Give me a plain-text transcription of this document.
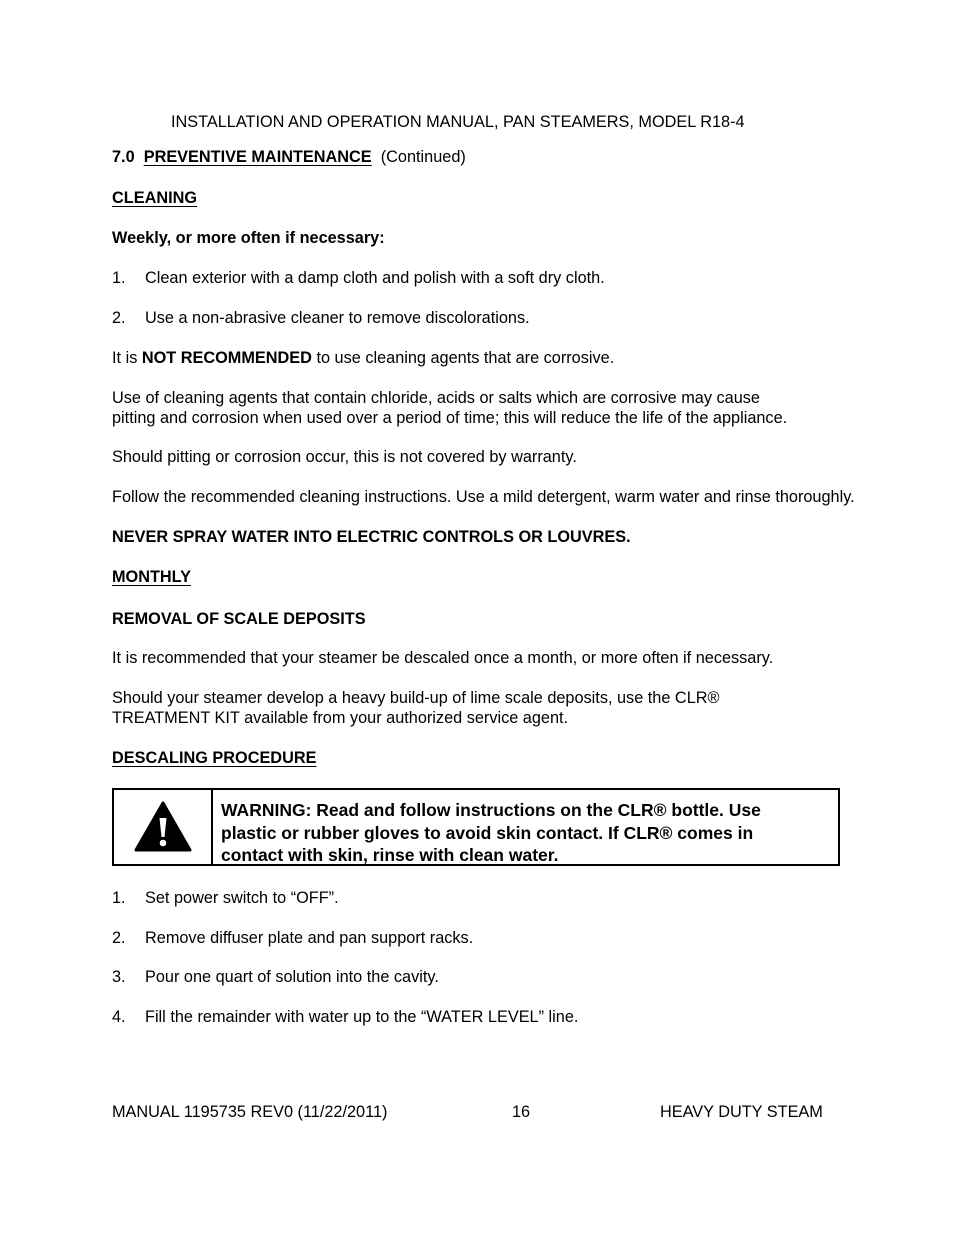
INSTALLATION AND OPERATION MANUAL, PAN STEAMERS, MODEL R18-4
7.0 PREVENTIVE MAINTENANCE (Continued)
CLEANING
Weekly, or more often if necessary:
1. Clean exterior with a damp cloth and polish with a soft dry cloth.
2. Use a non-abrasive cleaner to remove discolorations.
It is NOT RECOMMENDED to use cleaning agents that are corrosive.
Use of cleaning agents that contain chloride, acids or salts which are corrosive may cause
pitting and corrosion when used over a period of time; this will reduce the life of the appliance.
Should pitting or corrosion occur, this is not covered by warranty.
Follow the recommended cleaning instructions. Use a mild detergent, warm water and rinse thoroughly.
NEVER SPRAY WATER INTO ELECTRIC CONTROLS OR LOUVRES.
MONTHLY
REMOVAL OF SCALE DEPOSITS
It is recommended that your steamer be descaled once a month, or more often if necessary.
Should your steamer develop a heavy build-up of lime scale deposits, use the CLR®
TREATMENT KIT available from your authorized service agent.
DESCALING PROCEDURE
WARNING: Read and follow instructions on the CLR® bottle. Use
plastic or rubber gloves to avoid skin contact. If CLR® comes in
contact with skin, rinse with clean water.
1. Set power switch to “OFF”.
2. Remove diffuser plate and pan support racks.
3. Pour one quart of solution into the cavity.
4. Fill the remainder with water up to the “WATER LEVEL” line.
MANUAL 1195735 REV0 (11/22/2011)	16	HEAVY DUTY STEAM
